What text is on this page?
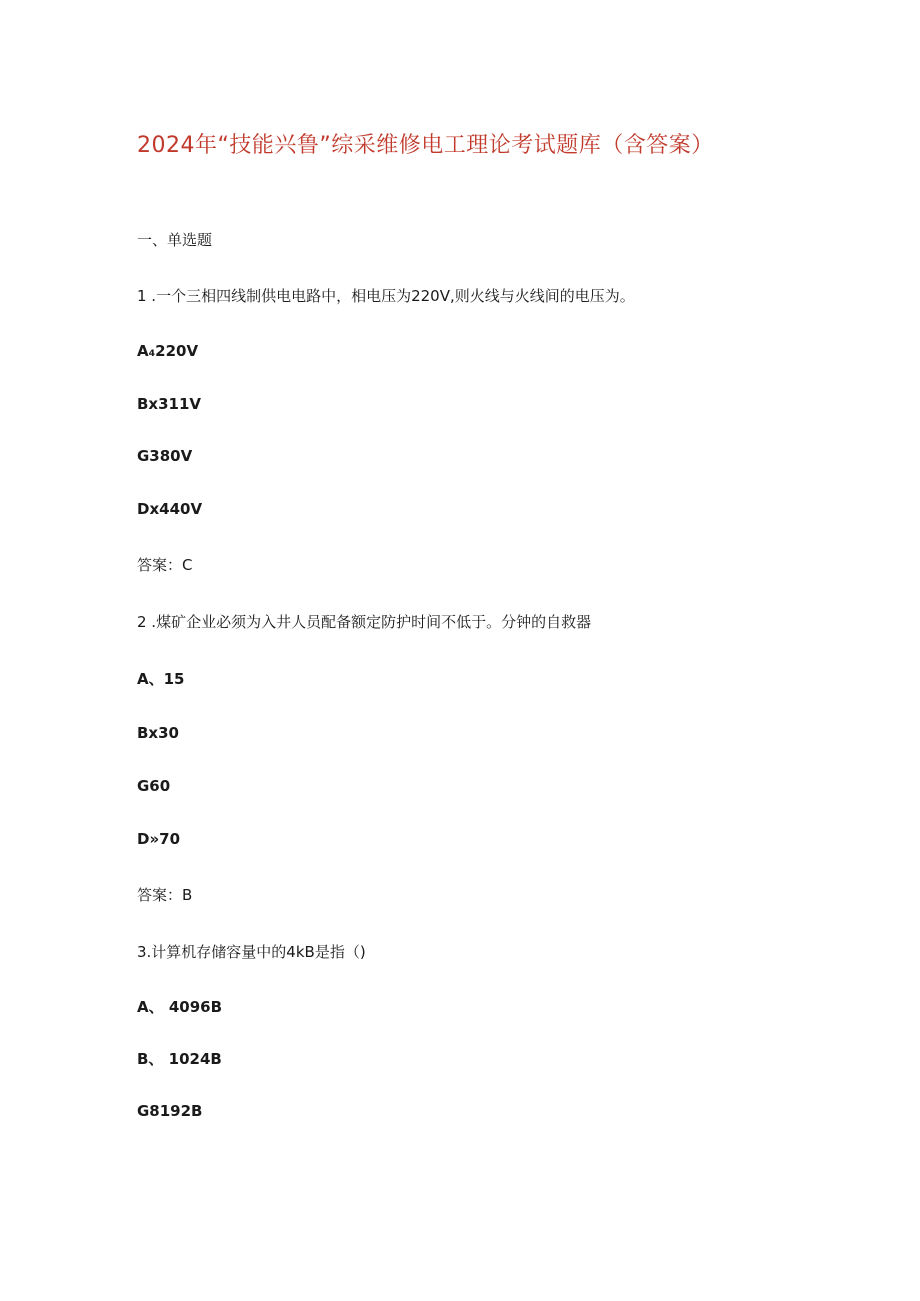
2024年“技能兴鲁”综采维修电工理论考试题库（含答案）
一、单选题
1 .一个三相四线制供电电路中，相电压为220V,则火线与火线间的电压为。
A₄220V
Bx311V
G380V
Dx440V
答案：C
2 .煤矿企业必须为入井人员配备额定防护时间不低于。分钟的自救器
A、15
Bx30
G60
D»70
答案：B
3.计算机存储容量中的4kB是指（)
A、 4096B
B、 1024B
G8192B
